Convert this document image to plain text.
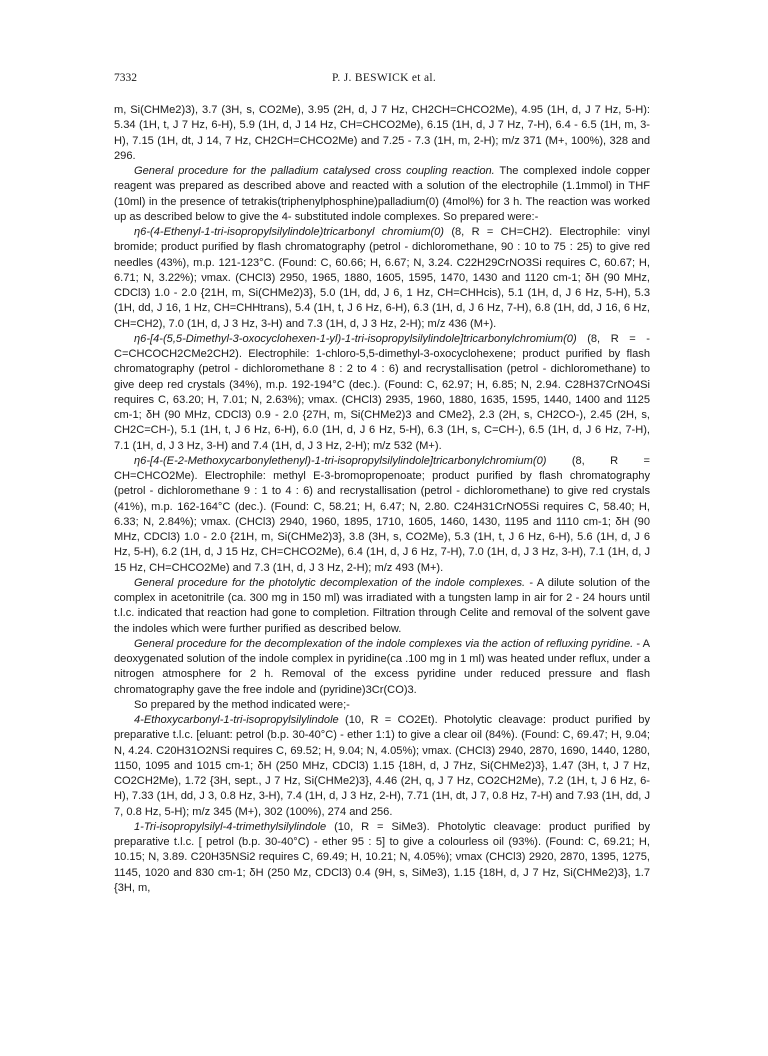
7332	P. J. BESWICK et al.

m, Si(CHMe2)3), 3.7 (3H, s, CO2Me), 3.95 (2H, d, J 7 Hz, CH2CH=CHCO2Me), 4.95 (1H, d, J 7 Hz, 5-H): 5.34 (1H, t, J 7 Hz, 6-H), 5.9 (1H, d, J 14 Hz, CH=CHCO2Me), 6.15 (1H, d, J 7 Hz, 7-H), 6.4 - 6.5 (1H, m, 3-H), 7.15 (1H, dt, J 14, 7 Hz, CH2CH=CHCO2Me) and 7.25 - 7.3 (1H, m, 2-H); m/z 371 (M+, 100%), 328 and 296.

General procedure for the palladium catalysed cross coupling reaction. The complexed indole copper reagent was prepared as described above and reacted with a solution of the electrophile (1.1mmol) in THF (10ml) in the presence of tetrakis(triphenylphosphine)palladium(0) (4mol%) for 3 h. The reaction was worked up as described below to give the 4- substituted indole complexes. So prepared were:-

η6-(4-Ethenyl-1-tri-isopropylsilylindole)tricarbonyl chromium(0) (8, R = CH=CH2). Electrophile: vinyl bromide; product purified by flash chromatography (petrol - dichloromethane, 90 : 10 to 75 : 25) to give red needles (43%), m.p. 121-123°C. (Found: C, 60.66; H, 6.67; N, 3.24. C22H29CrNO3Si requires C, 60.67; H, 6.71; N, 3.22%); νmax. (CHCl3) 2950, 1965, 1880, 1605, 1595, 1470, 1430 and 1120 cm-1; δH (90 MHz, CDCl3) 1.0 - 2.0 {21H, m, Si(CHMe2)3}, 5.0 (1H, dd, J 6, 1 Hz, CH=CHHcis), 5.1 (1H, d, J 6 Hz, 5-H), 5.3 (1H, dd, J 16, 1 Hz, CH=CHHtrans), 5.4 (1H, t, J 6 Hz, 6-H), 6.3 (1H, d, J 6 Hz, 7-H), 6.8 (1H, dd, J 16, 6 Hz, CH=CH2), 7.0 (1H, d, J 3 Hz, 3-H) and 7.3 (1H, d, J 3 Hz, 2-H); m/z 436 (M+).

η6-[4-(5,5-Dimethyl-3-oxocyclohexen-1-yl)-1-tri-isopropylsilylindole]tricarbonylchromium(0) (8, R = -C=CHCOCH2CMe2CH2). Electrophile: 1-chloro-5,5-dimethyl-3-oxocyclohexene; product purified by flash chromatography (petrol - dichloromethane 8 : 2 to 4 : 6) and recrystallisation (petrol - dichloromethane) to give deep red crystals (34%), m.p. 192-194°C (dec.). (Found: C, 62.97; H, 6.85; N, 2.94. C28H37CrNO4Si requires C, 63.20; H, 7.01; N, 2.63%); νmax. (CHCl3) 2935, 1960, 1880, 1635, 1595, 1440, 1400 and 1125 cm-1; δH (90 MHz, CDCl3) 0.9 - 2.0 {27H, m, Si(CHMe2)3 and CMe2}, 2.3 (2H, s, CH2CO-), 2.45 (2H, s, CH2C=CH-), 5.1 (1H, t, J 6 Hz, 6-H), 6.0 (1H, d, J 6 Hz, 5-H), 6.3 (1H, s, C=CH-), 6.5 (1H, d, J 6 Hz, 7-H), 7.1 (1H, d, J 3 Hz, 3-H) and 7.4 (1H, d, J 3 Hz, 2-H); m/z 532 (M+).

η6-[4-(E-2-Methoxycarbonylethenyl)-1-tri-isopropylsilylindole]tricarbonylchromium(0) (8, R = CH=CHCO2Me). Electrophile: methyl E-3-bromopropenoate; product purified by flash chromatography (petrol - dichloromethane 9 : 1 to 4 : 6) and recrystallisation (petrol - dichloromethane) to give red crystals (41%), m.p. 162-164°C (dec.). (Found: C, 58.21; H, 6.47; N, 2.80. C24H31CrNO5Si requires C, 58.40; H, 6.33; N, 2.84%); νmax. (CHCl3) 2940, 1960, 1895, 1710, 1605, 1460, 1430, 1195 and 1110 cm-1; δH (90 MHz, CDCl3) 1.0 - 2.0 {21H, m, Si(CHMe2)3}, 3.8 (3H, s, CO2Me), 5.3 (1H, t, J 6 Hz, 6-H), 5.6 (1H, d, J 6 Hz, 5-H), 6.2 (1H, d, J 15 Hz, CH=CHCO2Me), 6.4 (1H, d, J 6 Hz, 7-H), 7.0 (1H, d, J 3 Hz, 3-H), 7.1 (1H, d, J 15 Hz, CH=CHCO2Me) and 7.3 (1H, d, J 3 Hz, 2-H); m/z 493 (M+).

General procedure for the photolytic decomplexation of the indole complexes. - A dilute solution of the complex in acetonitrile (ca. 300 mg in 150 ml) was irradiated with a tungsten lamp in air for 2 - 24 hours until t.l.c. indicated that reaction had gone to completion. Filtration through Celite and removal of the solvent gave the indoles which were further purified as described below.

General procedure for the decomplexation of the indole complexes via the action of refluxing pyridine. - A deoxygenated solution of the indole complex in pyridine(ca .100 mg in 1 ml) was heated under reflux, under a nitrogen atmosphere for 2 h. Removal of the excess pyridine under reduced pressure and flash chromatography gave the free indole and (pyridine)3Cr(CO)3.

So prepared by the method indicated were;-

4-Ethoxycarbonyl-1-tri-isopropylsilylindole (10, R = CO2Et). Photolytic cleavage: product purified by preparative t.l.c. [eluant: petrol (b.p. 30-40°C) - ether 1:1) to give a clear oil (84%). (Found: C, 69.47; H, 9.04; N, 4.24. C20H31O2NSi requires C, 69.52; H, 9.04; N, 4.05%); νmax. (CHCl3) 2940, 2870, 1690, 1440, 1280, 1150, 1095 and 1015 cm-1; δH (250 MHz, CDCl3) 1.15 {18H, d, J 7Hz, Si(CHMe2)3}, 1.47 (3H, t, J 7 Hz, CO2CH2Me), 1.72 {3H, sept., J 7 Hz, Si(CHMe2)3}, 4.46 (2H, q, J 7 Hz, CO2CH2Me), 7.2 (1H, t, J 6 Hz, 6-H), 7.33 (1H, dd, J 3, 0.8 Hz, 3-H), 7.4 (1H, d, J 3 Hz, 2-H), 7.71 (1H, dt, J 7, 0.8 Hz, 7-H) and 7.93 (1H, dd, J 7, 0.8 Hz, 5-H); m/z 345 (M+), 302 (100%), 274 and 256.

1-Tri-isopropylsilyl-4-trimethylsilylindole (10, R = SiMe3). Photolytic cleavage: product purified by preparative t.l.c. [ petrol (b.p. 30-40°C) - ether 95 : 5] to give a colourless oil (93%). (Found: C, 69.21; H, 10.15; N, 3.89. C20H35NSi2 requires C, 69.49; H, 10.21; N, 4.05%); νmax (CHCl3) 2920, 2870, 1395, 1275, 1145, 1020 and 830 cm-1; δH (250 Mz, CDCl3) 0.4 (9H, s, SiMe3), 1.15 {18H, d, J 7 Hz, Si(CHMe2)3}, 1.7 {3H, m,
